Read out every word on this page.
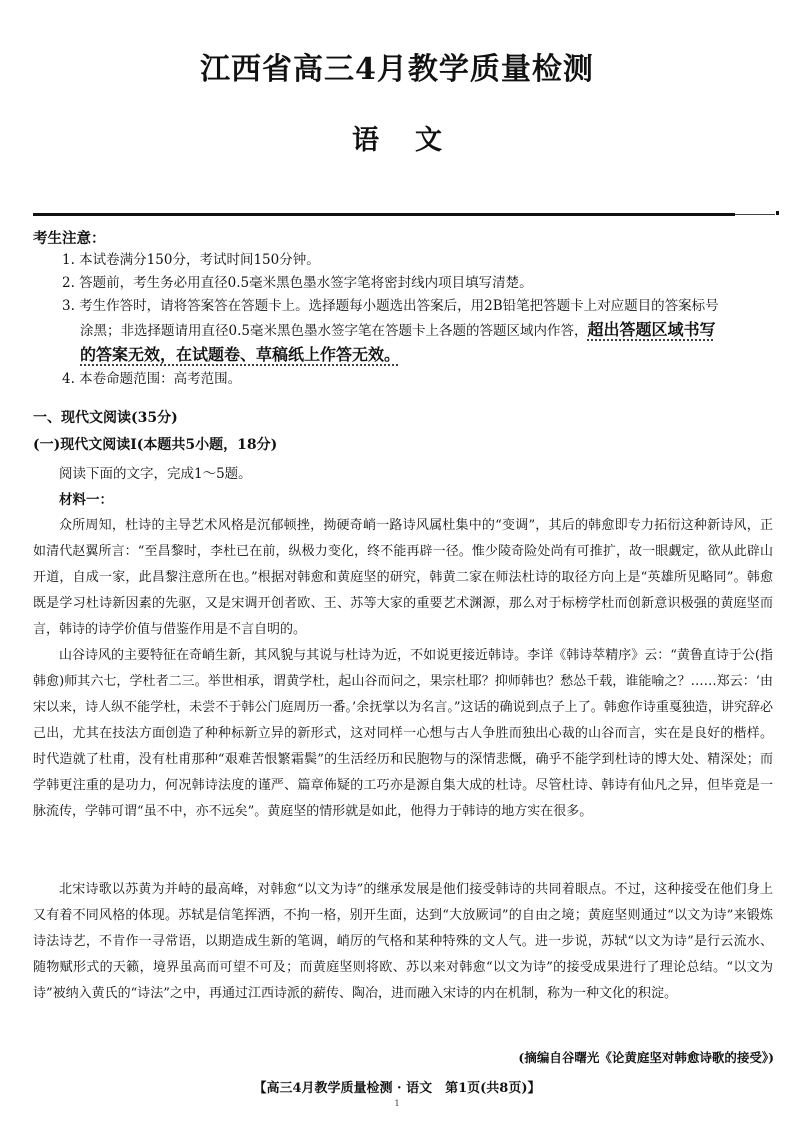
江西省高三4月教学质量检测
语文
考生注意：
1. 本试卷满分150分，考试时间150分钟。
2. 答题前，考生务必用直径0.5毫米黑色墨水签字笔将密封线内项目填写清楚。
3. 考生作答时，请将答案答在答题卡上。选择题每小题选出答案后，用2B铅笔把答题卡上对应题目的答案标号
涂黑；非选择题请用直径0.5毫米黑色墨水签字笔在答题卡上各题的答题区域内作答，超出答题区域书写
的答案无效，在试题卷、草稿纸上作答无效。
4. 本卷命题范围：高考范围。
一、现代文阅读(35分)
(一)现代文阅读Ⅰ(本题共5小题，18分)

阅读下面的文字，完成1～5题。

材料一：

众所周知，杜诗的主导艺术风格是沉郁顿挫，拗硬奇峭一路诗风属杜集中的“变调”，其后的韩愈即专力拓衍这种新诗风，正如清代赵翼所言：“至昌黎时，李杜已在前，纵极力变化，终不能再辟一径。惟少陵奇险处尚有可推扩，故一眼觑定，欲从此辟山开道，自成一家，此昌黎注意所在也。”根据对韩愈和黄庭坚的研究，韩黄二家在师法杜诗的取径方向上是“英雄所见略同”。韩愈既是学习杜诗新因素的先驱，又是宋调开创者欧、王、苏等大家的重要艺术渊源，那么对于标榜学杜而创新意识极强的黄庭坚而言，韩诗的诗学价值与借鉴作用是不言自明的。

山谷诗风的主要特征在奇峭生新，其风貌与其说与杜诗为近，不如说更接近韩诗。李详《韩诗萃精序》云：“黄鲁直诗于公(指韩愈)师其六七，学杜者二三。举世相承，谓黄学杜，起山谷而问之，果宗杜耶？抑师韩也？愁怂千载，谁能喻之？……郑云：‘由宋以来，诗人纵不能学杜，未尝不于韩公门庭周历一番。’余抚掌以为名言。”这话的确说到点子上了。韩愈作诗重戛独造，讲究辞必己出，尤其在技法方面创造了种种标新立异的新形式，这对同样一心想与古人争胜而独出心裁的山谷而言，实在是良好的楷样。时代造就了杜甫，没有杜甫那种“艰难苦恨繁霜鬓”的生活经历和民胞物与的深情悲慨，确乎不能学到杜诗的博大处、精深处；而学韩更注重的是功力，何况韩诗法度的谨严、篇章佈疑的工巧亦是源自集大成的杜诗。尽管杜诗、韩诗有仙凡之异，但毕竟是一脉流传，学韩可谓“虽不中，亦不远矣”。黄庭坚的情形就是如此，他得力于韩诗的地方实在很多。

北宋诗歌以苏黄为并峙的最高峰，对韩愈“以文为诗”的继承发展是他们接受韩诗的共同着眼点。不过，这种接受在他们身上又有着不同风格的体现。苏轼是信笔挥洒，不拘一格，别开生面，达到“大放厥词”的自由之境；黄庭坚则通过“以文为诗”来锻炼诗法诗艺，不肯作一寻常语，以期造成生新的笔调，峭厉的气格和某种特殊的文人气。进一步说，苏轼“以文为诗”是行云流水、随物赋形式的天籁，境界虽高而可望不可及；而黄庭坚则将欧、苏以来对韩愈“以文为诗”的接受成果进行了理论总结。“以文为诗”被纳入黄氏的“诗法”之中，再通过江西诗派的薪传、陶冶，进而融入宋诗的内在机制，称为一种文化的积淀。

(摘编自谷曙光《论黄庭坚对韩愈诗歌的接受》)
【高三4月教学质量检测 · 语文　第1页(共8页)】
1
